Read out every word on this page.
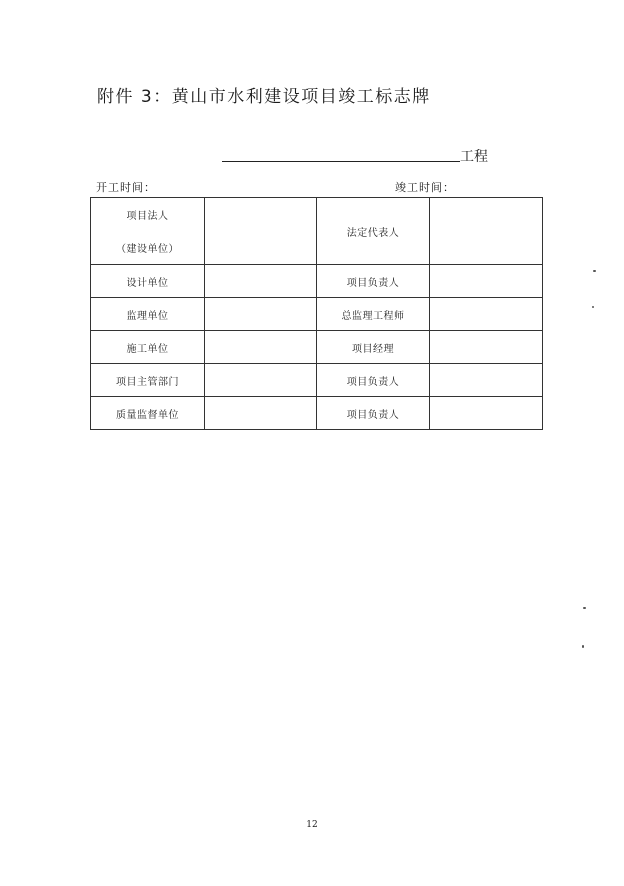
附件 3：黄山市水利建设项目竣工标志牌
工程
开工时间：	竣工时间：
项目法人
（建设单位）		法定代表人	
设计单位		项目负责人	
监理单位		总监理工程师	
施工单位		项目经理	
项目主管部门		项目负责人	
质量监督单位		项目负责人	
12
